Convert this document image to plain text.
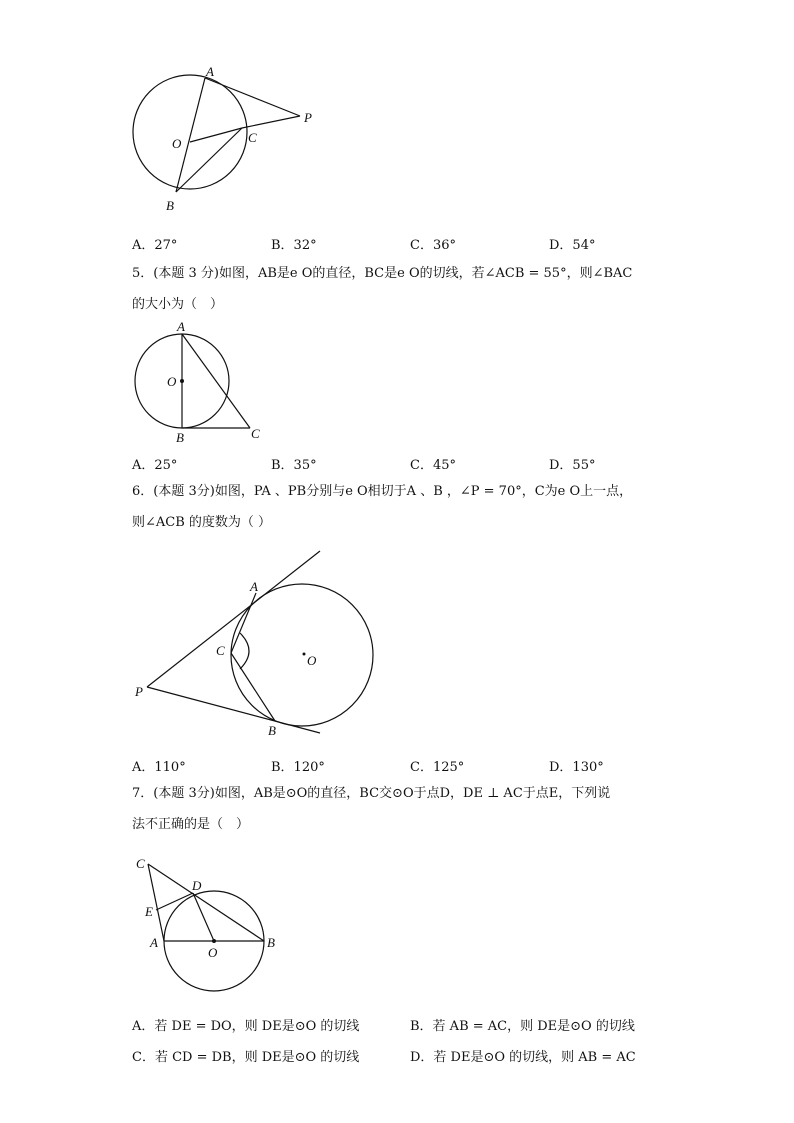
A
O	C
P
B
A．27°	B．32°	C．36°	D．54°
5．(本题 3 分)如图，AB是e O的直径，BC是e O的切线，若∠ACB = 55°，则∠BAC
的大小为（　）
A
O
B	C
A．25°	B．35°	C．45°	D．55°
6．(本题 3分)如图，PA 、PB分别与e O相切于A 、B ，∠P = 70°，C为e O上一点，
则∠ACB 的度数为（ ）
A
C
O
P
B
A．110°	B．120°	C．125°	D．130°
7．(本题 3分)如图，AB是⊙O的直径，BC交⊙O于点D，DE ⊥ AC于点E，下列说
法不正确的是（　）
C
D
E
A
O
B
A．若 DE = DO，则 DE是⊙O 的切线	B．若 AB = AC，则 DE是⊙O 的切线
C．若 CD = DB，则 DE是⊙O 的切线	D．若 DE是⊙O 的切线，则 AB = AC
